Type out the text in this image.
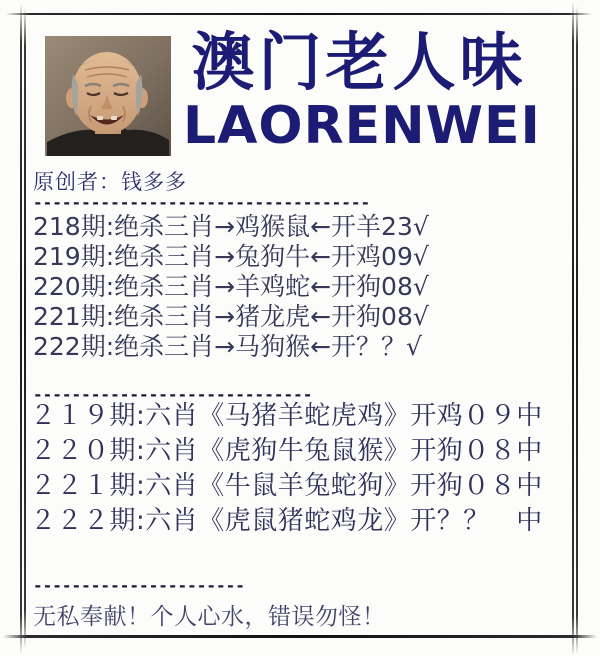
澳门老人味
LAORENWEI
原创者：钱多多
-----------------------------------
218期:绝杀三肖→鸡猴鼠←开羊23√
219期:绝杀三肖→兔狗牛←开鸡09√
220期:绝杀三肖→羊鸡蛇←开狗08√
221期:绝杀三肖→猪龙虎←开狗08√
222期:绝杀三肖→马狗猴←开？？√
-----------------------------
２１９期:六肖《马猪羊蛇虎鸡》开鸡０９中
２２０期:六肖《虎狗牛兔鼠猴》开狗０８中
２２１期:六肖《牛鼠羊兔蛇狗》开狗０８中
２２２期:六肖《虎鼠猪蛇鸡龙》开？？　中
----------------------
无私奉献！个人心水，错误勿怪！
